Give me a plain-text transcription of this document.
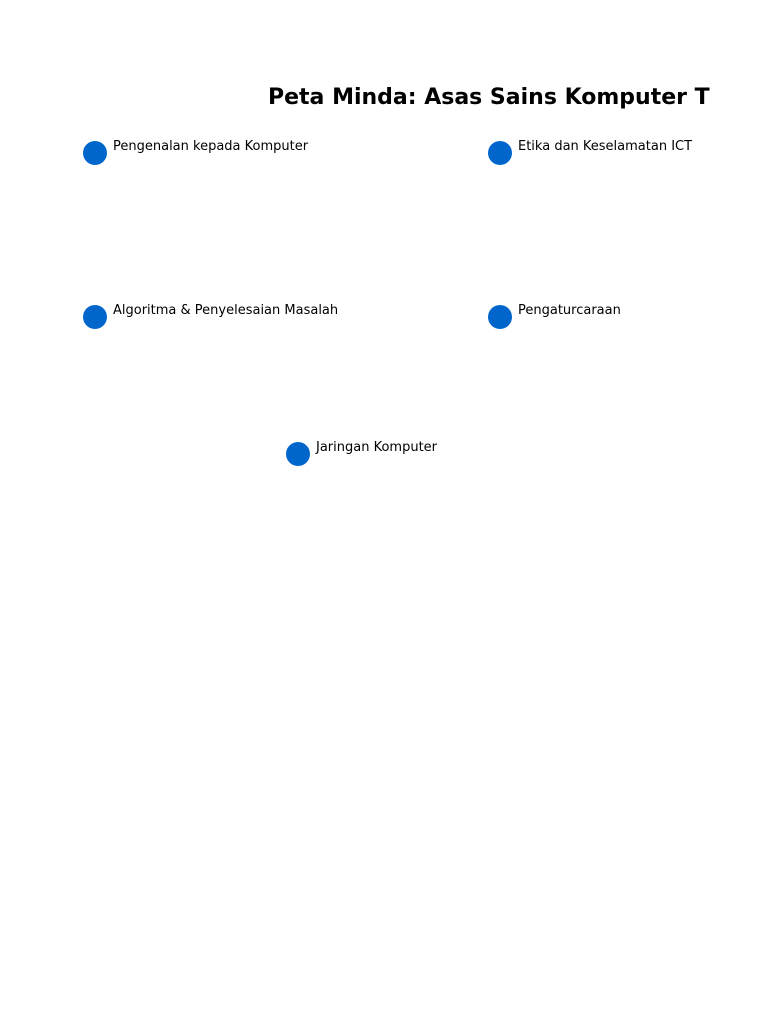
Peta Minda: Asas Sains Komputer T
Pengenalan kepada Komputer	Etika dan Keselamatan ICT
Algoritma & Penyelesaian Masalah	Pengaturcaraan
Jaringan Komputer
